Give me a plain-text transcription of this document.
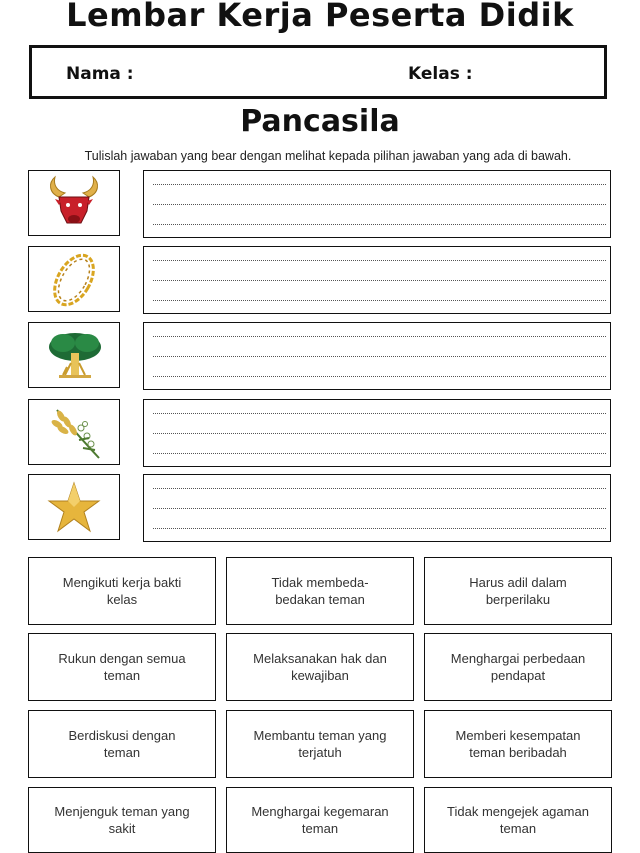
Lembar Kerja Peserta Didik
Nama :	Kelas :
Pancasila
Tulislah jawaban yang bear dengan melihat kepada pilihan jawaban yang ada di bawah.
Mengikuti kerja bakti
kelas
Tidak membeda-
bedakan teman
Harus adil dalam
berperilaku
Rukun dengan semua
teman
Melaksanakan hak dan
kewajiban
Menghargai perbedaan
pendapat
Berdiskusi dengan
teman
Membantu teman yang
terjatuh
Memberi kesempatan
teman beribadah
Menjenguk teman yang
sakit
Menghargai kegemaran
teman
Tidak mengejek agaman
teman
